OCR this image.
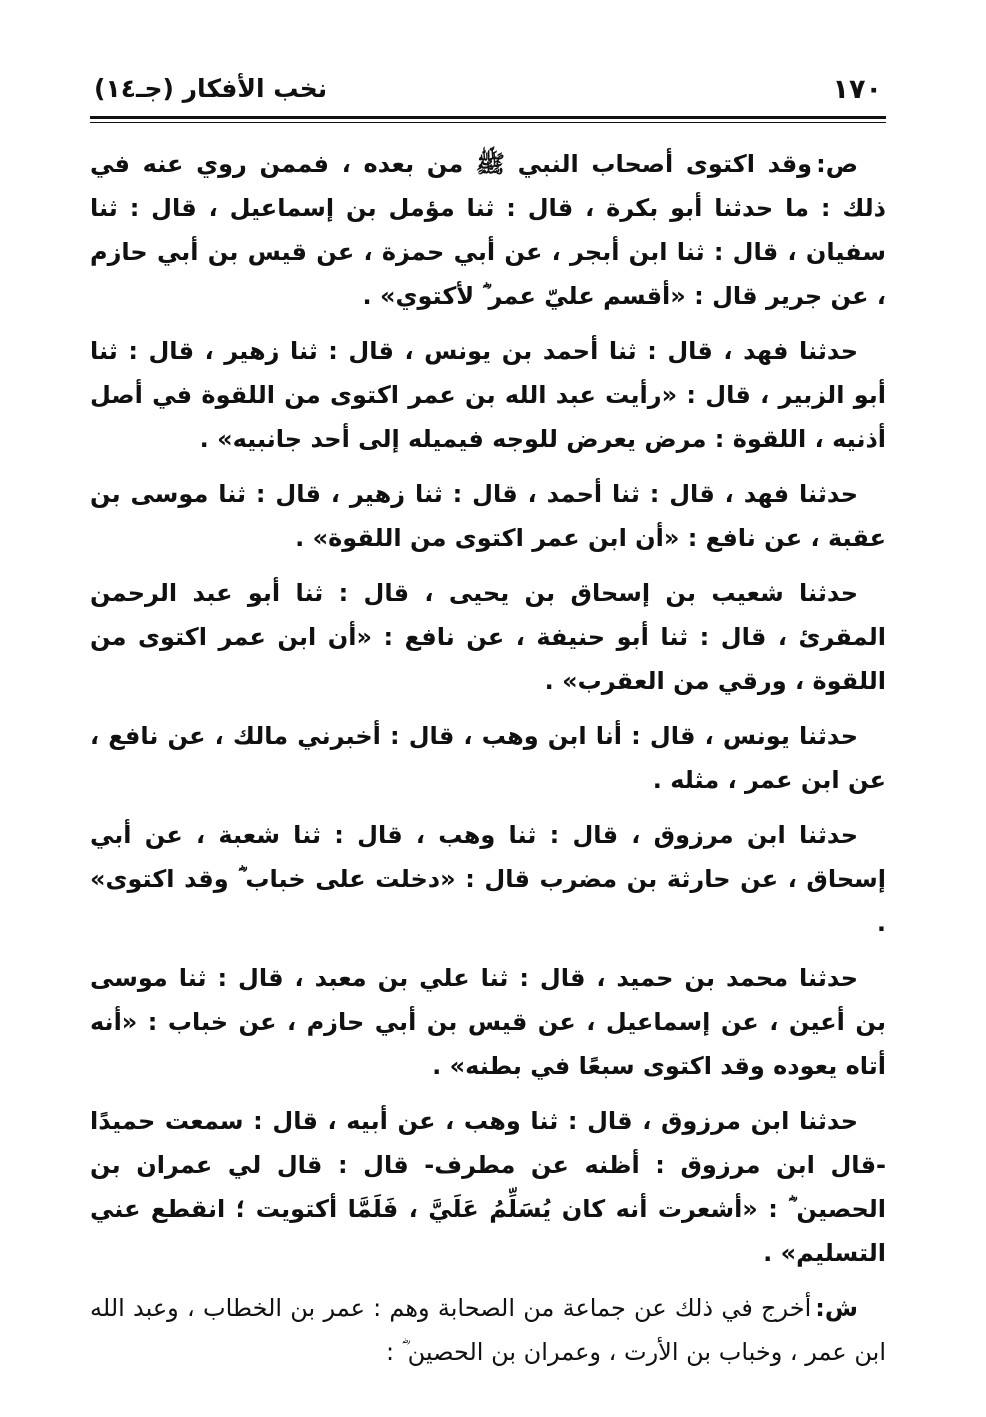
١٧٠
نخب الأفكار (جـ١٤)

ص:وقد اكتوى أصحاب النبي ﷺ من بعده ، فممن روي عنه في ذلك : ما حدثنا أبو بكرة ، قال : ثنا مؤمل بن إسماعيل ، قال : ثنا سفيان ، قال : ثنا ابن أبجر ، عن أبي حمزة ، عن قيس بن أبي حازم ، عن جرير قال : «أقسم عليّ عمر ؓ لأكتوي» .

حدثنا فهد ، قال : ثنا أحمد بن يونس ، قال : ثنا زهير ، قال : ثنا أبو الزبير ، قال : «رأيت عبد الله بن عمر اكتوى من اللقوة في أصل أذنيه ، اللقوة : مرض يعرض للوجه فيميله إلى أحد جانبيه» .

حدثنا فهد ، قال : ثنا أحمد ، قال : ثنا زهير ، قال : ثنا موسى بن عقبة ، عن نافع : «أن ابن عمر اكتوى من اللقوة» .

حدثنا شعيب بن إسحاق بن يحيى ، قال : ثنا أبو عبد الرحمن المقرئ ، قال : ثنا أبو حنيفة ، عن نافع : «أن ابن عمر اكتوى من اللقوة ، ورقي من العقرب» .

حدثنا يونس ، قال : أنا ابن وهب ، قال : أخبرني مالك ، عن نافع ، عن ابن عمر ، مثله .

حدثنا ابن مرزوق ، قال : ثنا وهب ، قال : ثنا شعبة ، عن أبي إسحاق ، عن حارثة بن مضرب قال : «دخلت على خباب ؓ وقد اكتوى» .

حدثنا محمد بن حميد ، قال : ثنا علي بن معبد ، قال : ثنا موسى بن أعين ، عن إسماعيل ، عن قيس بن أبي حازم ، عن خباب : «أنه أتاه يعوده وقد اكتوى سبعًا في بطنه» .

حدثنا ابن مرزوق ، قال : ثنا وهب ، عن أبيه ، قال : سمعت حميدًا -قال ابن مرزوق : أظنه عن مطرف- قال : قال لي عمران بن الحصين ؓ : «أشعرت أنه كان يُسَلِّمُ عَلَيَّ ، فَلَمَّا أكتويت ؛ انقطع عني التسليم» .

ش:أخرج في ذلك عن جماعة من الصحابة وهم : عمر بن الخطاب ، وعبد الله ابن عمر ، وخباب بن الأرت ، وعمران بن الحصين ؓ :
